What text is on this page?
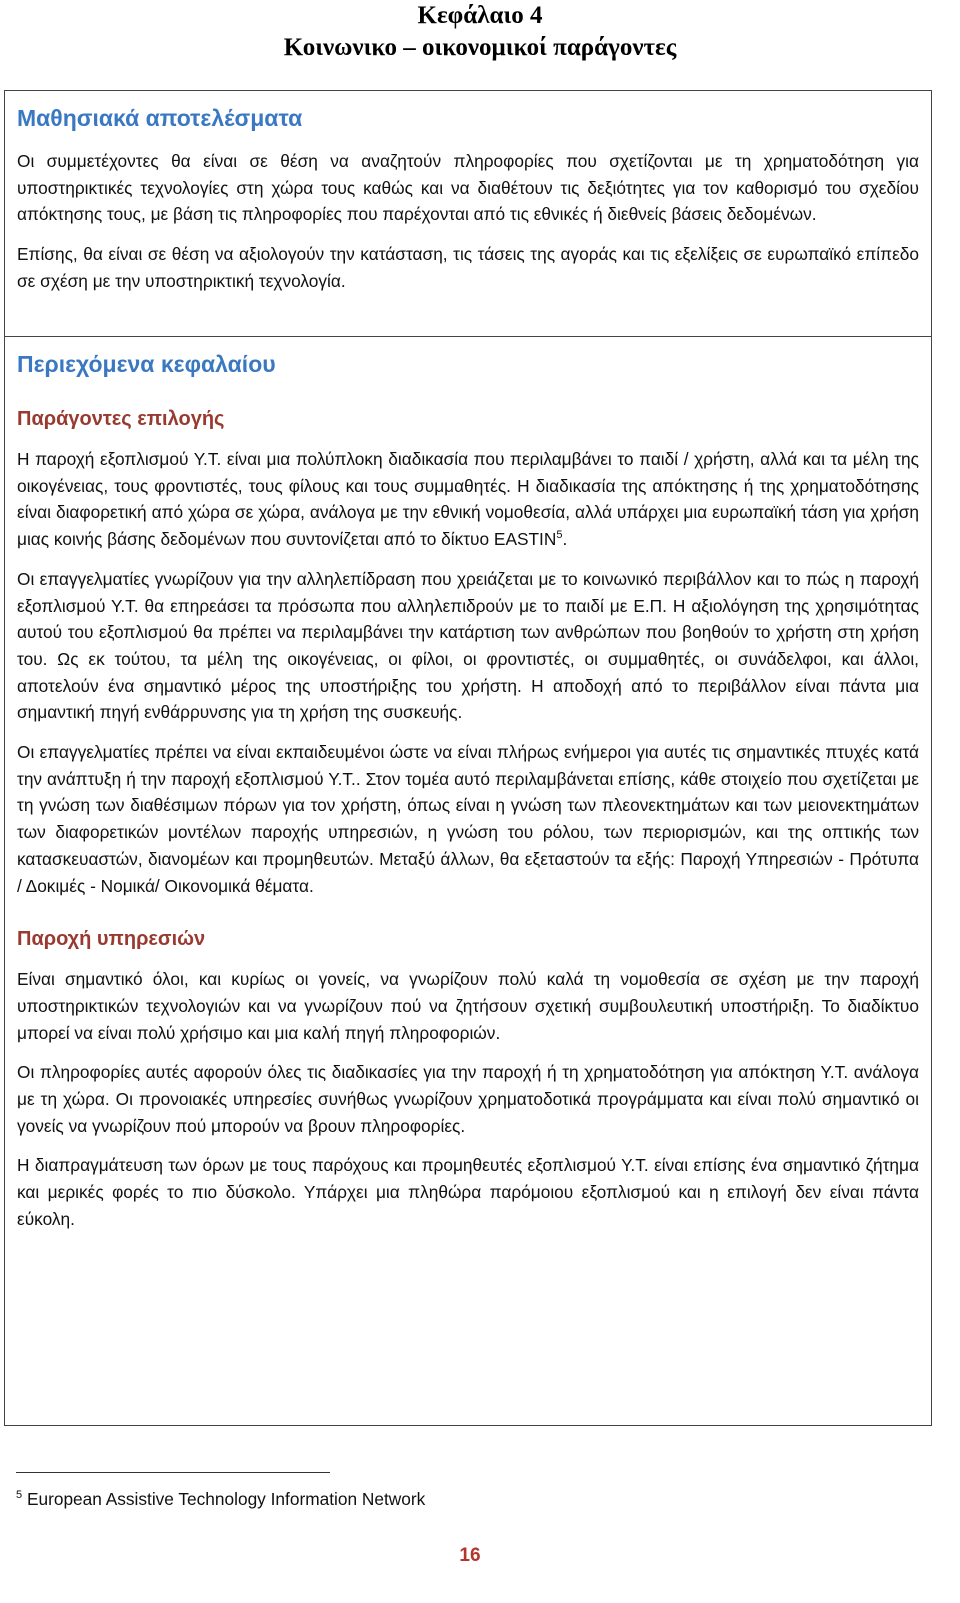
Κεφάλαιο 4
Κοινωνικο – οικονομικοί παράγοντες
Μαθησιακά αποτελέσματα

Οι συμμετέχοντες θα είναι σε θέση να αναζητούν πληροφορίες που σχετίζονται με τη χρηματοδότηση για υποστηρικτικές τεχνολογίες στη χώρα τους καθώς και να διαθέτουν τις δεξιότητες για τον καθορισμό του σχεδίου απόκτησης τους, με βάση τις πληροφορίες που παρέχονται από τις εθνικές ή διεθνείς βάσεις δεδομένων.

Επίσης, θα είναι σε θέση να αξιολογούν την κατάσταση, τις τάσεις της αγοράς και τις εξελίξεις σε ευρωπαϊκό επίπεδο σε σχέση με την υποστηρικτική τεχνολογία.

Περιεχόμενα κεφαλαίου
Παράγοντες επιλογής

Η παροχή εξοπλισμού Υ.Τ. είναι μια πολύπλοκη διαδικασία που περιλαμβάνει το παιδί / χρήστη, αλλά και τα μέλη της οικογένειας, τους φροντιστές, τους φίλους και τους συμμαθητές. Η διαδικασία της απόκτησης ή της χρηματοδότησης είναι διαφορετική από χώρα σε χώρα, ανάλογα με την εθνική νομοθεσία, αλλά υπάρχει μια ευρωπαϊκή τάση για χρήση μιας κοινής βάσης δεδομένων που συντονίζεται από το δίκτυο EASTIN$^5$.

Οι επαγγελματίες γνωρίζουν για την αλληλεπίδραση που χρειάζεται με το κοινωνικό περιβάλλον και το πώς η παροχή εξοπλισμού Υ.Τ. θα επηρεάσει τα πρόσωπα που αλληλεπιδρούν με το παιδί με Ε.Π. Η αξιολόγηση της χρησιμότητας αυτού του εξοπλισμού θα πρέπει να περιλαμβάνει την κατάρτιση των ανθρώπων που βοηθούν το χρήστη στη χρήση του. Ως εκ τούτου, τα μέλη της οικογένειας, οι φίλοι, οι φροντιστές, οι συμμαθητές, οι συνάδελφοι, και άλλοι, αποτελούν ένα σημαντικό μέρος της υποστήριξης του χρήστη. Η αποδοχή από το περιβάλλον είναι πάντα μια σημαντική πηγή ενθάρρυνσης για τη χρήση της συσκευής.

Οι επαγγελματίες πρέπει να είναι εκπαιδευμένοι ώστε να είναι πλήρως ενήμεροι για αυτές τις σημαντικές πτυχές κατά την ανάπτυξη ή την παροχή εξοπλισμού Υ.Τ.. Στον τομέα αυτό περιλαμβάνεται επίσης, κάθε στοιχείο που σχετίζεται με τη γνώση των διαθέσιμων πόρων για τον χρήστη, όπως είναι η γνώση των πλεονεκτημάτων και των μειονεκτημάτων των διαφορετικών μοντέλων παροχής υπηρεσιών, η γνώση του ρόλου, των περιορισμών, και της οπτικής των κατασκευαστών, διανομέων και προμηθευτών. Μεταξύ άλλων, θα εξεταστούν τα εξής: Παροχή Υπηρεσιών - Πρότυπα / Δοκιμές - Νομικά/ Οικονομικά θέματα.

Παροχή υπηρεσιών

Είναι σημαντικό όλοι, και κυρίως οι γονείς, να γνωρίζουν πολύ καλά τη νομοθεσία σε σχέση με την παροχή υποστηρικτικών τεχνολογιών και να γνωρίζουν πού να ζητήσουν σχετική συμβουλευτική υποστήριξη. Το διαδίκτυο μπορεί να είναι πολύ χρήσιμο και μια καλή πηγή πληροφοριών.

Οι πληροφορίες αυτές αφορούν όλες τις διαδικασίες για την παροχή ή τη χρηματοδότηση για απόκτηση Υ.Τ. ανάλογα με τη χώρα. Οι προνοιακές υπηρεσίες συνήθως γνωρίζουν χρηματοδοτικά προγράμματα και είναι πολύ σημαντικό οι γονείς να γνωρίζουν πού μπορούν να βρουν πληροφορίες.

Η διαπραγμάτευση των όρων με τους παρόχους και προμηθευτές εξοπλισμού Υ.Τ. είναι επίσης ένα σημαντικό ζήτημα και μερικές φορές το πιο δύσκολο. Υπάρχει μια πληθώρα παρόμοιου εξοπλισμού και η επιλογή δεν είναι πάντα εύκολη.

$^5$ European Assistive Technology Information Network
16
